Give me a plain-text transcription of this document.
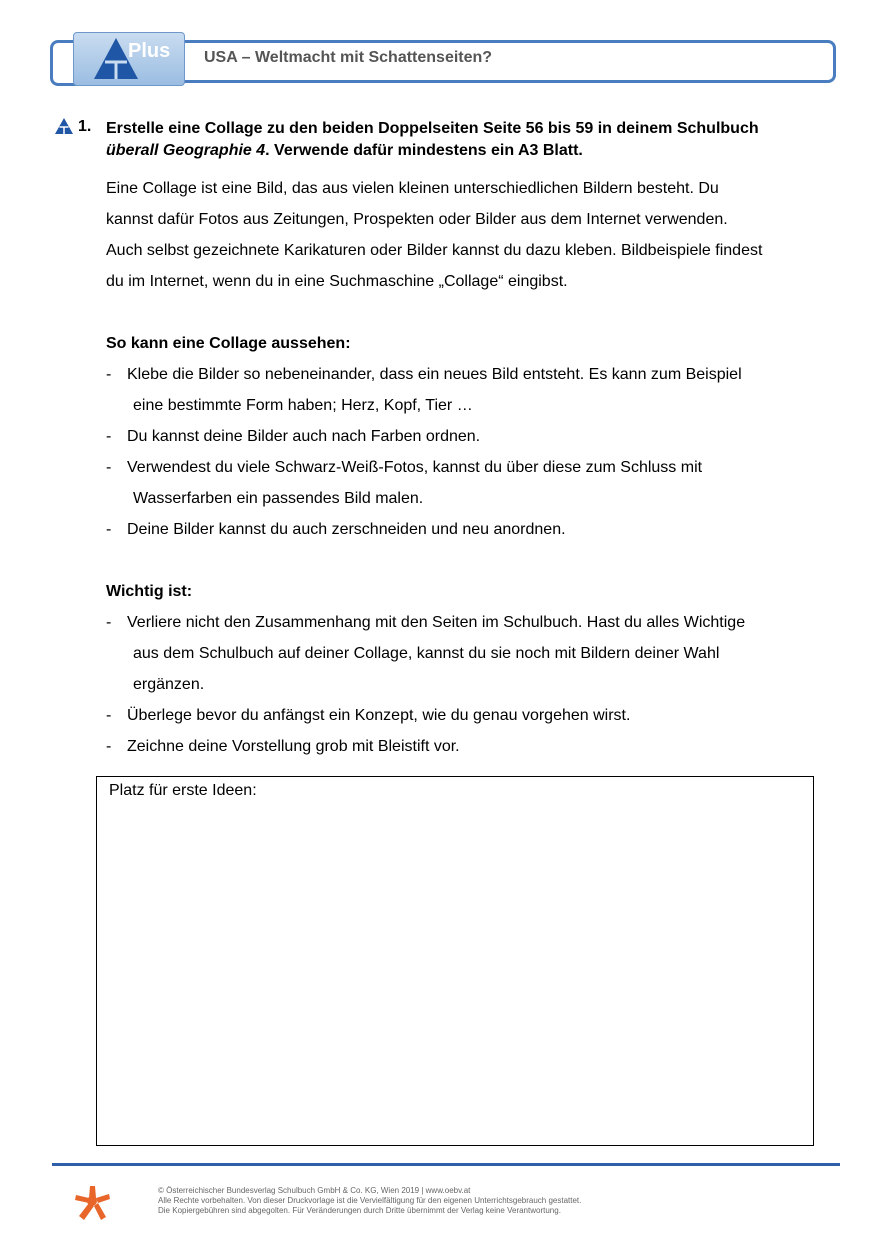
Plus USA – Weltmacht mit Schattenseiten?
1. Erstelle eine Collage zu den beiden Doppelseiten Seite 56 bis 59 in deinem Schulbuch
überall Geographie 4. Verwende dafür mindestens ein A3 Blatt.
Eine Collage ist eine Bild, das aus vielen kleinen unterschiedlichen Bildern besteht. Du
kannst dafür Fotos aus Zeitungen, Prospekten oder Bilder aus dem Internet verwenden.
Auch selbst gezeichnete Karikaturen oder Bilder kannst du dazu kleben. Bildbeispiele findest
du im Internet, wenn du in eine Suchmaschine „Collage“ eingibst.
So kann eine Collage aussehen:
- Klebe die Bilder so nebeneinander, dass ein neues Bild entsteht. Es kann zum Beispiel
eine bestimmte Form haben; Herz, Kopf, Tier …
- Du kannst deine Bilder auch nach Farben ordnen.
- Verwendest du viele Schwarz-Weiß-Fotos, kannst du über diese zum Schluss mit
Wasserfarben ein passendes Bild malen.
- Deine Bilder kannst du auch zerschneiden und neu anordnen.
Wichtig ist:
- Verliere nicht den Zusammenhang mit den Seiten im Schulbuch. Hast du alles Wichtige
aus dem Schulbuch auf deiner Collage, kannst du sie noch mit Bildern deiner Wahl
ergänzen.
- Überlege bevor du anfängst ein Konzept, wie du genau vorgehen wirst.
- Zeichne deine Vorstellung grob mit Bleistift vor.
Platz für erste Ideen:
© Österreichischer Bundesverlag Schulbuch GmbH & Co. KG, Wien 2019 | www.oebv.at
Alle Rechte vorbehalten. Von dieser Druckvorlage ist die Vervielfältigung für den eigenen Unterrichtsgebrauch gestattet.
Die Kopiergebühren sind abgegolten. Für Veränderungen durch Dritte übernimmt der Verlag keine Verantwortung.
